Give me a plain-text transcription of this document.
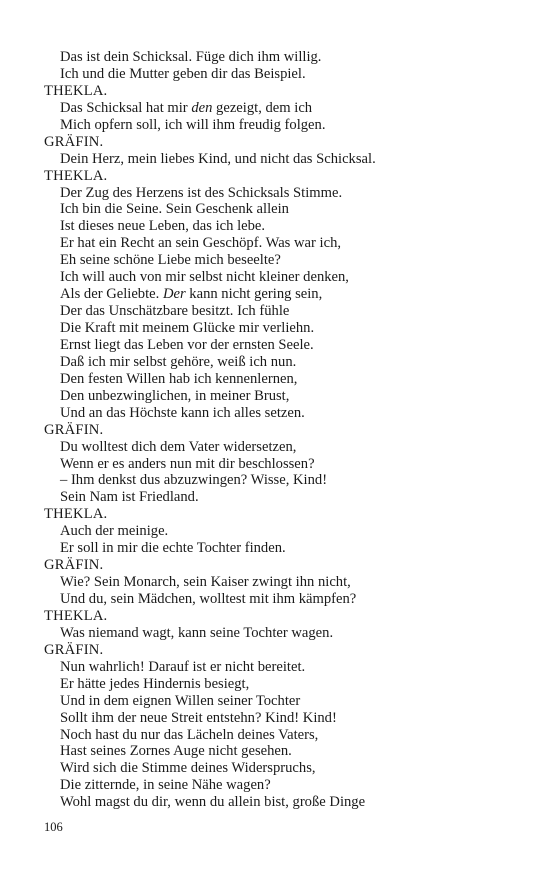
Das ist dein Schicksal. Füge dich ihm willig.
Ich und die Mutter geben dir das Beispiel.
THEKLA.
Das Schicksal hat mir den gezeigt, dem ich
Mich opfern soll, ich will ihm freudig folgen.
GRÄFIN.
Dein Herz, mein liebes Kind, und nicht das Schicksal.
THEKLA.
Der Zug des Herzens ist des Schicksals Stimme.
Ich bin die Seine. Sein Geschenk allein
Ist dieses neue Leben, das ich lebe.
Er hat ein Recht an sein Geschöpf. Was war ich,
Eh seine schöne Liebe mich beseelte?
Ich will auch von mir selbst nicht kleiner denken,
Als der Geliebte. Der kann nicht gering sein,
Der das Unschätzbare besitzt. Ich fühle
Die Kraft mit meinem Glücke mir verliehn.
Ernst liegt das Leben vor der ernsten Seele.
Daß ich mir selbst gehöre, weiß ich nun.
Den festen Willen hab ich kennenlernen,
Den unbezwinglichen, in meiner Brust,
Und an das Höchste kann ich alles setzen.
GRÄFIN.
Du wolltest dich dem Vater widersetzen,
Wenn er es anders nun mit dir beschlossen?
– Ihm denkst dus abzuzwingen? Wisse, Kind!
Sein Nam ist Friedland.
THEKLA.
Auch der meinige.
Er soll in mir die echte Tochter finden.
GRÄFIN.
Wie? Sein Monarch, sein Kaiser zwingt ihn nicht,
Und du, sein Mädchen, wolltest mit ihm kämpfen?
THEKLA.
Was niemand wagt, kann seine Tochter wagen.
GRÄFIN.
Nun wahrlich! Darauf ist er nicht bereitet.
Er hätte jedes Hindernis besiegt,
Und in dem eignen Willen seiner Tochter
Sollt ihm der neue Streit entstehn? Kind! Kind!
Noch hast du nur das Lächeln deines Vaters,
Hast seines Zornes Auge nicht gesehen.
Wird sich die Stimme deines Widerspruchs,
Die zitternde, in seine Nähe wagen?
Wohl magst du dir, wenn du allein bist, große Dinge
106
